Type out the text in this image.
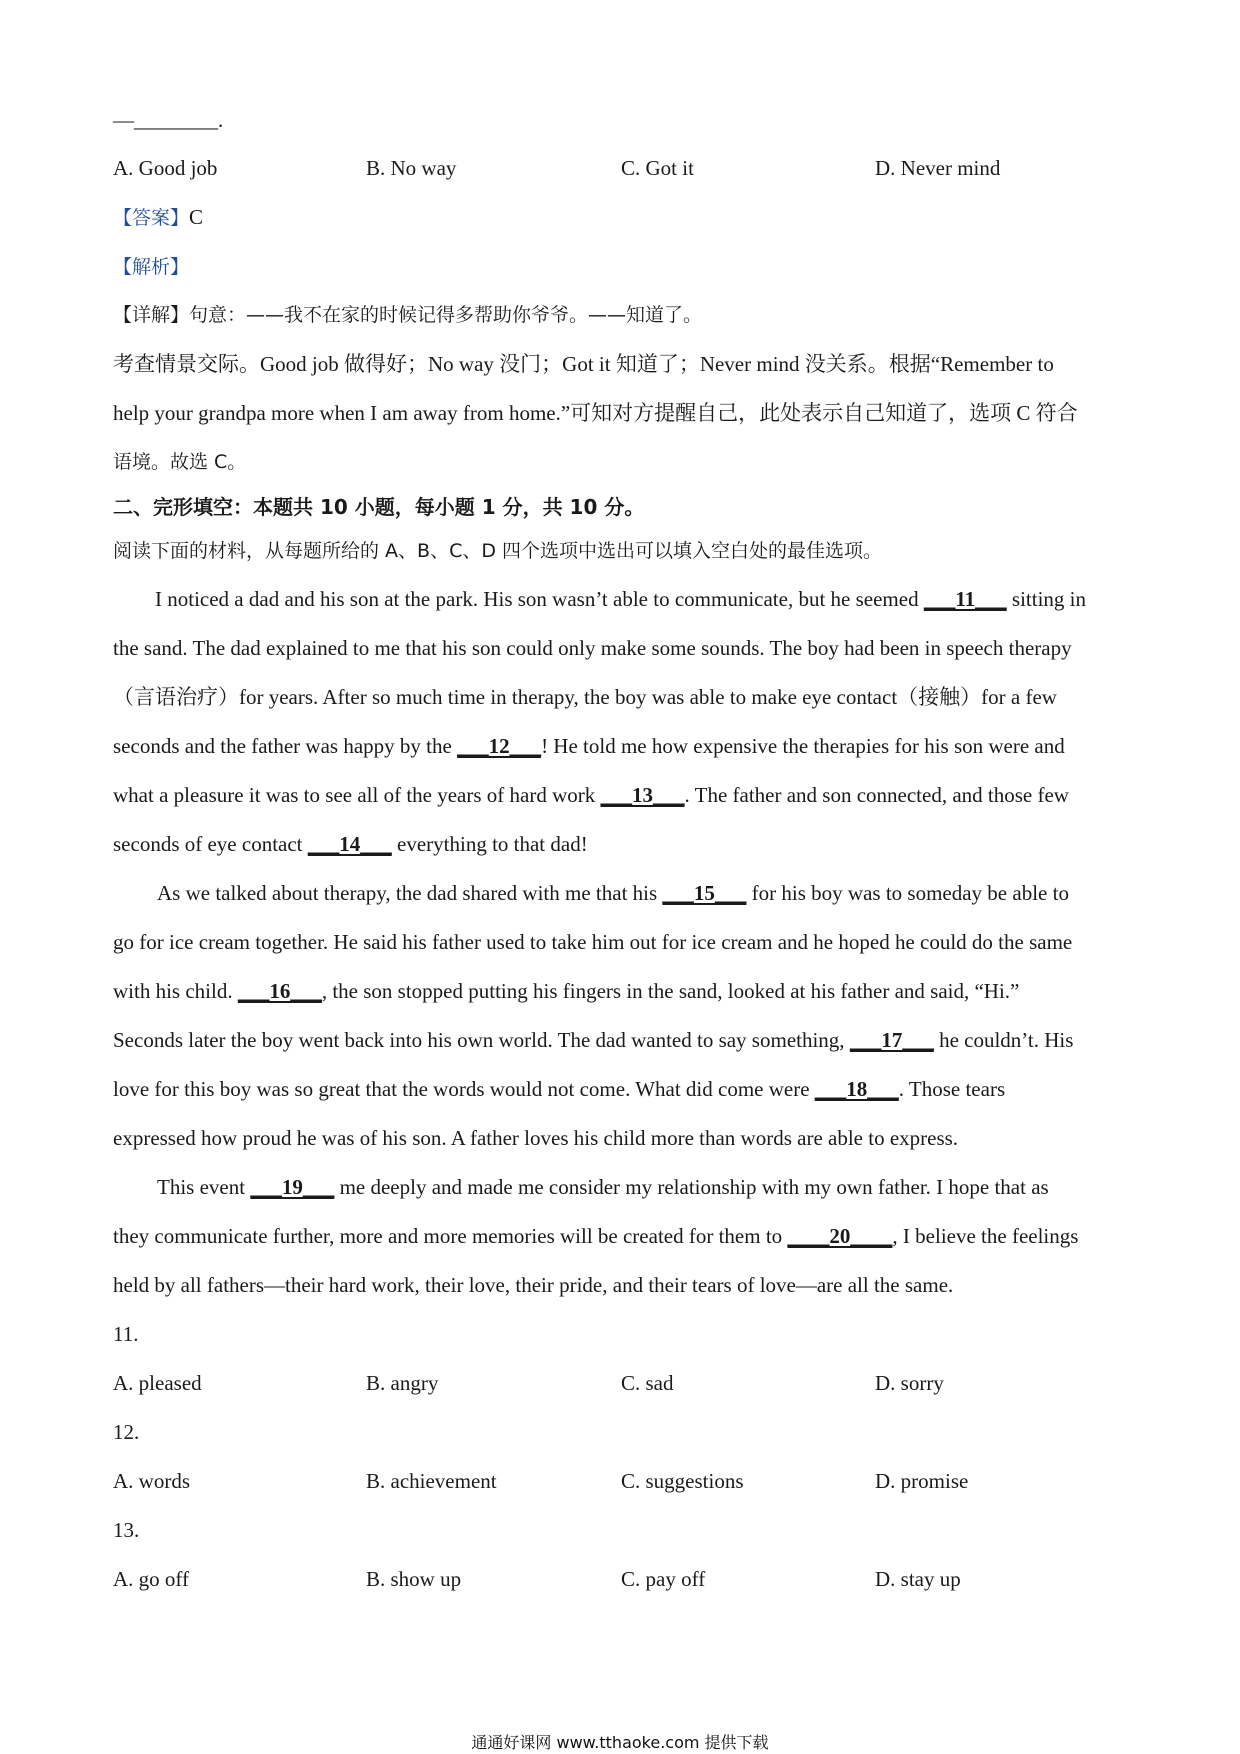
—________.
A. Good job	B. No way	C. Got it	D. Never mind
【答案】C
【解析】
【详解】句意：——我不在家的时候记得多帮助你爷爷。——知道了。
考查情景交际。Good job 做得好；No way 没门；Got it 知道了；Never mind 没关系。根据“Remember to
help your grandpa more when I am away from home.”可知对方提醒自己，此处表示自己知道了，选项 C 符合
语境。故选 C。
二、完形填空：本题共 10 小题，每小题 1 分，共 10 分。
阅读下面的材料，从每题所给的 A、B、C、D 四个选项中选出可以填入空白处的最佳选项。
I noticed a dad and his son at the park. His son wasn’t able to communicate, but he seemed ___11___ sitting in
the sand. The dad explained to me that his son could only make some sounds. The boy had been in speech therapy
（言语治疗）for years. After so much time in therapy, the boy was able to make eye contact（接触）for a few
seconds and the father was happy by the ___12___! He told me how expensive the therapies for his son were and
what a pleasure it was to see all of the years of hard work ___13___. The father and son connected, and those few
seconds of eye contact ___14___ everything to that dad!
As we talked about therapy, the dad shared with me that his ___15___ for his boy was to someday be able to
go for ice cream together. He said his father used to take him out for ice cream and he hoped he could do the same
with his child. ___16___, the son stopped putting his fingers in the sand, looked at his father and said, “Hi.”
Seconds later the boy went back into his own world. The dad wanted to say something, ___17___ he couldn’t. His
love for this boy was so great that the words would not come. What did come were ___18___. Those tears
expressed how proud he was of his son. A father loves his child more than words are able to express.
This event ___19___ me deeply and made me consider my relationship with my own father. I hope that as
they communicate further, more and more memories will be created for them to ____20____, I believe the feelings
held by all fathers—their hard work, their love, their pride, and their tears of love—are all the same.
11.
A. pleased	B. angry	C. sad	D. sorry
12.
A. words	B. achievement	C. suggestions	D. promise
13.
A. go off	B. show up	C. pay off	D. stay up
通通好课网 www.tthaoke.com 提供下载
